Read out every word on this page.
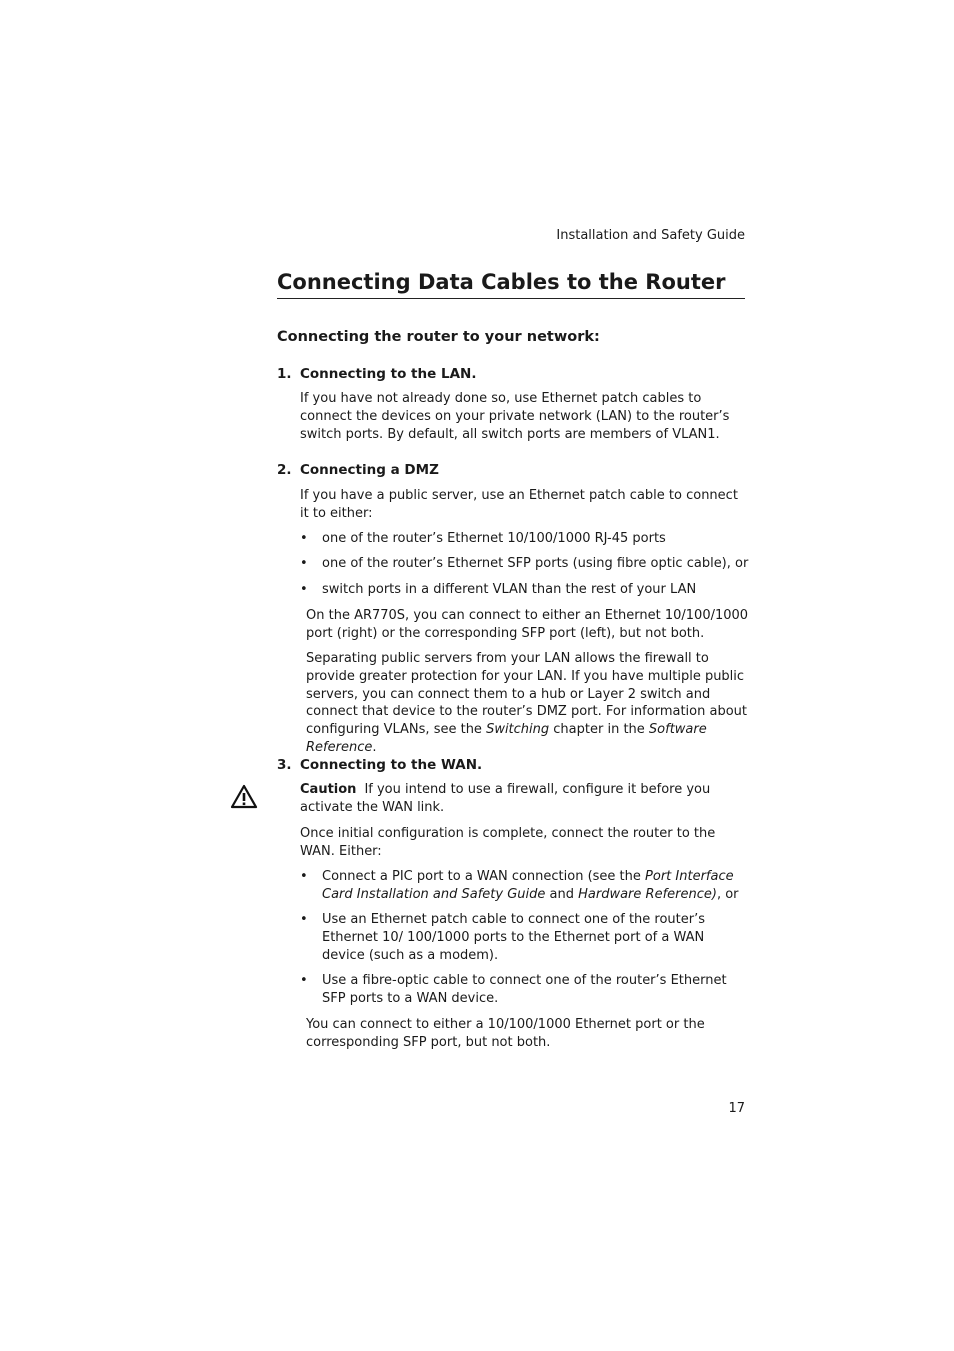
Installation and Safety Guide
Connecting Data Cables to the Router
Connecting the router to your network:
1. Connecting to the LAN.
If you have not already done so, use Ethernet patch cables to connect the devices on your private network (LAN) to the router’s switch ports. By default, all switch ports are members of VLAN1.
2. Connecting a DMZ
If you have a public server, use an Ethernet patch cable to connect it to either:
•	one of the router’s Ethernet 10/100/1000 RJ-45 ports
•	one of the router’s Ethernet SFP ports (using fibre optic cable), or
•	switch ports in a different VLAN than the rest of your LAN
On the AR770S, you can connect to either an Ethernet 10/100/1000 port (right) or the corresponding SFP port (left), but not both.
Separating public servers from your LAN allows the firewall to provide greater protection for your LAN. If you have multiple public servers, you can connect them to a hub or Layer 2 switch and connect that device to the router’s DMZ port. For information about configuring VLANs, see the Switching chapter in the Software Reference.
3. Connecting to the WAN.
Caution If you intend to use a firewall, configure it before you activate the WAN link.
Once initial configuration is complete, connect the router to the WAN. Either:
•	Connect a PIC port to a WAN connection (see the Port Interface Card Installation and Safety Guide and Hardware Reference), or
•	Use an Ethernet patch cable to connect one of the router’s Ethernet 10/ 100/1000 ports to the Ethernet port of a WAN device (such as a modem).
•	Use a fibre-optic cable to connect one of the router’s Ethernet SFP ports to a WAN device.
You can connect to either a 10/100/1000 Ethernet port or the corresponding SFP port, but not both.
17
